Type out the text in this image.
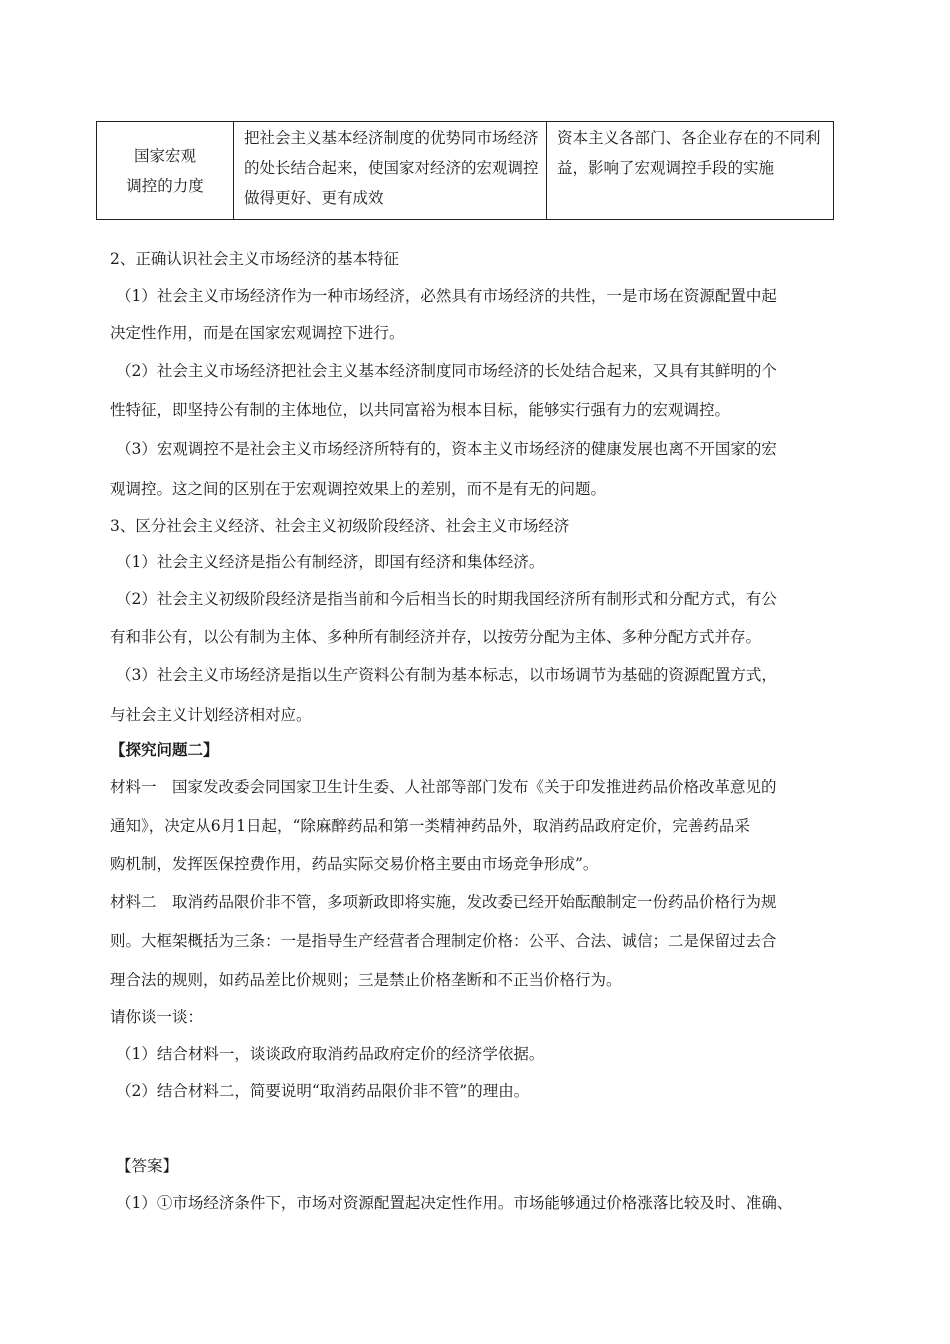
国家宏观
调控的力度
	把社会主义基本经济制度的优势同市场经济的处长结合起来，使国家对经济的宏观调控做得更好、更有成效	资本主义各部门、各企业存在的不同利益，影响了宏观调控手段的实施
2、正确认识社会主义市场经济的基本特征
（1）社会主义市场经济作为一种市场经济，必然具有市场经济的共性，一是市场在资源配置中起
决定性作用，而是在国家宏观调控下进行。
（2）社会主义市场经济把社会主义基本经济制度同市场经济的长处结合起来，又具有其鲜明的个
性特征，即坚持公有制的主体地位，以共同富裕为根本目标，能够实行强有力的宏观调控。
（3）宏观调控不是社会主义市场经济所特有的，资本主义市场经济的健康发展也离不开国家的宏
观调控。这之间的区别在于宏观调控效果上的差别，而不是有无的问题。
3、区分社会主义经济、社会主义初级阶段经济、社会主义市场经济
（1）社会主义经济是指公有制经济，即国有经济和集体经济。
（2）社会主义初级阶段经济是指当前和今后相当长的时期我国经济所有制形式和分配方式，有公
有和非公有，以公有制为主体、多种所有制经济并存，以按劳分配为主体、多种分配方式并存。
（3）社会主义市场经济是指以生产资料公有制为基本标志，以市场调节为基础的资源配置方式，
与社会主义计划经济相对应。
【探究问题二】
材料一　国家发改委会同国家卫生计生委、人社部等部门发布《关于印发推进药品价格改革意见的
通知》，决定从6月1日起，“除麻醉药品和第一类精神药品外，取消药品政府定价，完善药品采
购机制，发挥医保控费作用，药品实际交易价格主要由市场竞争形成”。
材料二　取消药品限价非不管，多项新政即将实施，发改委已经开始酝酿制定一份药品价格行为规
则。大框架概括为三条：一是指导生产经营者合理制定价格：公平、合法、诚信；二是保留过去合
理合法的规则，如药品差比价规则；三是禁止价格垄断和不正当价格行为。
请你谈一谈：
（1）结合材料一，谈谈政府取消药品政府定价的经济学依据。
（2）结合材料二，简要说明“取消药品限价非不管”的理由。
【答案】
（1）①市场经济条件下，市场对资源配置起决定性作用。市场能够通过价格涨落比较及时、准确、
